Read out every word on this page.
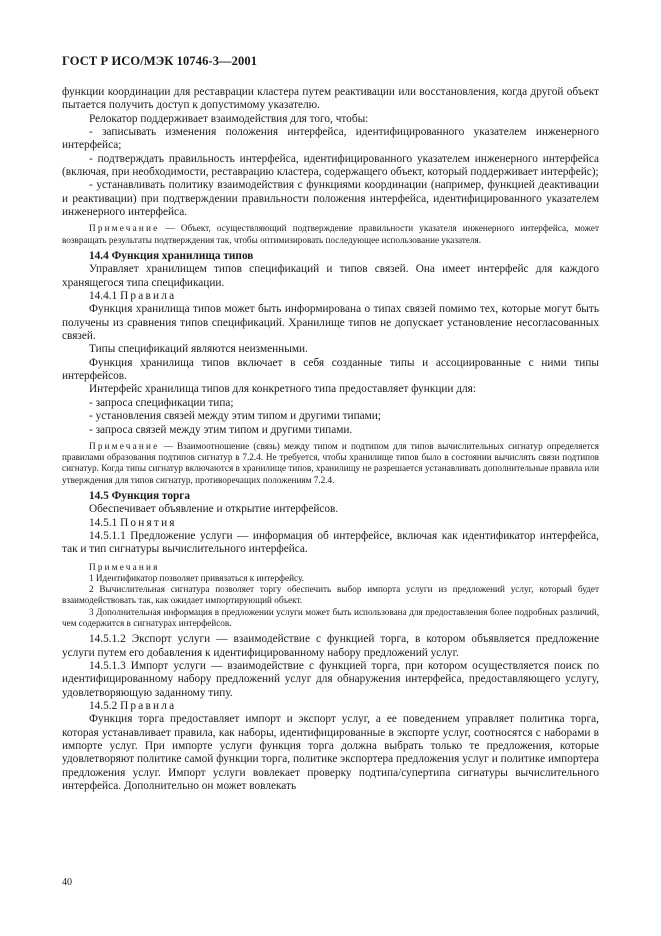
ГОСТ Р ИСО/МЭК 10746-3—2001

функции координации для реставрации кластера путем реактивации или восстановления, когда другой объект пытается получить доступ к допустимому указателю.

Релокатор поддерживает взаимодействия для того, чтобы:

- записывать изменения положения интерфейса, идентифицированного указателем инженерного интерфейса;

- подтверждать правильность интерфейса, идентифицированного указателем инженерного интерфейса (включая, при необходимости, реставрацию кластера, содержащего объект, который поддерживает интерфейс);

- устанавливать политику взаимодействия с функциями координации (например, функцией деактивации и реактивации) при подтверждении правильности положения интерфейса, идентифицированного указателем инженерного интерфейса.

Примечание — Объект, осуществляющий подтверждение правильности указателя инженерного интерфейса, может возвращать результаты подтверждения так, чтобы оптимизировать последующее использование указателя.

14.4 Функция хранилища типов

Управляет хранилищем типов спецификаций и типов связей. Она имеет интерфейс для каждого хранящегося типа спецификации.

14.4.1 Правила

Функция хранилища типов может быть информирована о типах связей помимо тех, которые могут быть получены из сравнения типов спецификаций. Хранилище типов не допускает установление несогласованных связей.

Типы спецификаций являются неизменными.

Функция хранилища типов включает в себя созданные типы и ассоциированные с ними типы интерфейсов.

Интерфейс хранилища типов для конкретного типа предоставляет функции для:

- запроса спецификации типа;

- установления связей между этим типом и другими типами;

- запроса связей между этим типом и другими типами.

Примечание — Взаимоотношение (связь) между типом и подтипом для типов вычислительных сигнатур определяется правилами образования подтипов сигнатур в 7.2.4. Не требуется, чтобы хранилище типов было в состоянии вычислять связи подтипов сигнатур. Когда типы сигнатур включаются в хранилище типов, хранилищу не разрешается устанавливать дополнительные правила или утверждения для типов сигнатур, противоречащих положениям 7.2.4.

14.5 Функция торга

Обеспечивает объявление и открытие интерфейсов.

14.5.1 Понятия

14.5.1.1 Предложение услуги — информация об интерфейсе, включая как идентификатор интерфейса, так и тип сигнатуры вычислительного интерфейса.

Примечания

1 Идентификатор позволяет привязаться к интерфейсу.

2 Вычислительная сигнатура позволяет торгу обеспечить выбор импорта услуги из предложений услуг, который будет взаимодействовать так, как ожидает импортирующий объект.

3 Дополнительная информация в предложении услуги может быть использована для предоставления более подробных различий, чем содержится в сигнатурах интерфейсов.

14.5.1.2 Экспорт услуги — взаимодействие с функцией торга, в котором объявляется предложение услуги путем его добавления к идентифицированному набору предложений услуг.

14.5.1.3 Импорт услуги — взаимодействие с функцией торга, при котором осуществляется поиск по идентифицированному набору предложений услуг для обнаружения интерфейса, предоставляющего услугу, удовлетворяющую заданному типу.

14.5.2 Правила

Функция торга предоставляет импорт и экспорт услуг, а ее поведением управляет политика торга, которая устанавливает правила, как наборы, идентифицированные в экспорте услуг, соотносятся с наборами в импорте услуг. При импорте услуги функция торга должна выбрать только те предложения, которые удовлетворяют политике самой функции торга, политике экспортера предложения услуг и политике импортера предложения услуг. Импорт услуги вовлекает проверку подтипа/супертипа сигнатуры вычислительного интерфейса. Дополнительно он может вовлекать

40
